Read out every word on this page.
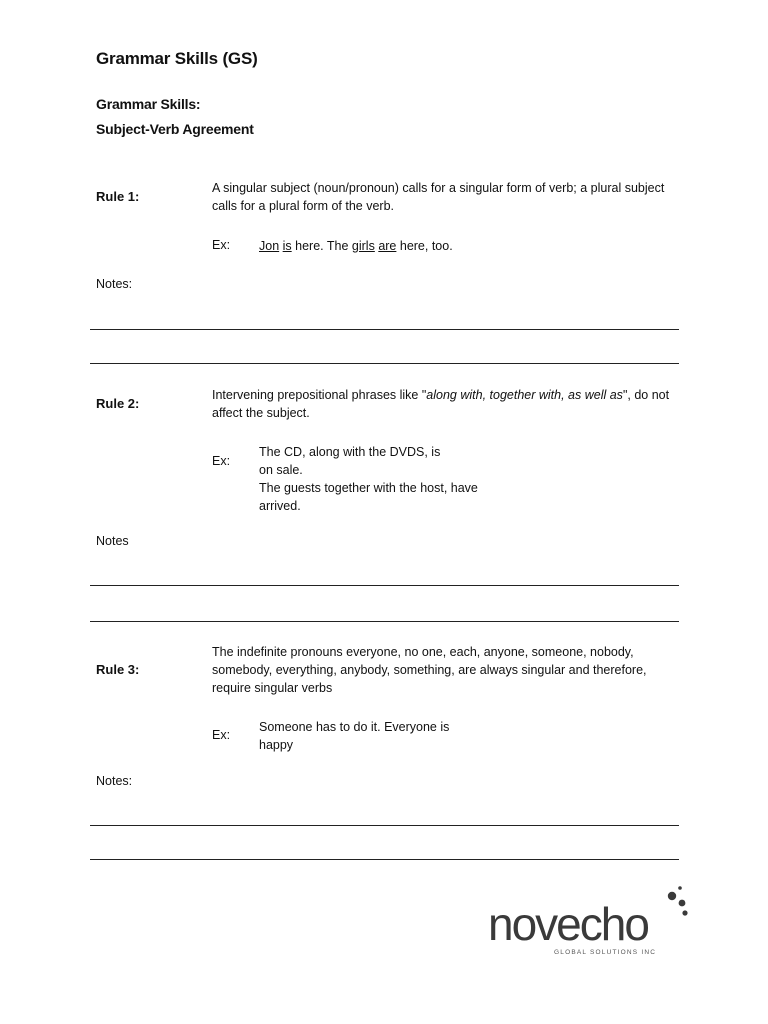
Grammar Skills (GS)
Grammar Skills:
Subject-Verb Agreement
Rule 1:
A singular subject (noun/pronoun) calls for a singular form of verb; a plural subject calls for a plural form of the verb.
Ex: Jon is here. The girls are here, too.
Notes:
Rule 2:
Intervening prepositional phrases like "along with, together with, as well as", do not affect the subject.
Ex:
The CD, along with the DVDS, is on sale.
The guests together with the host, have arrived.
Notes
Rule 3:
The indefinite pronouns everyone, no one, each, anyone, someone, nobody, somebody, everything, anybody, something, are always singular and therefore, require singular verbs
Ex:
Someone has to do it. Everyone is happy
Notes:
novecho
GLOBAL SOLUTIONS INC
